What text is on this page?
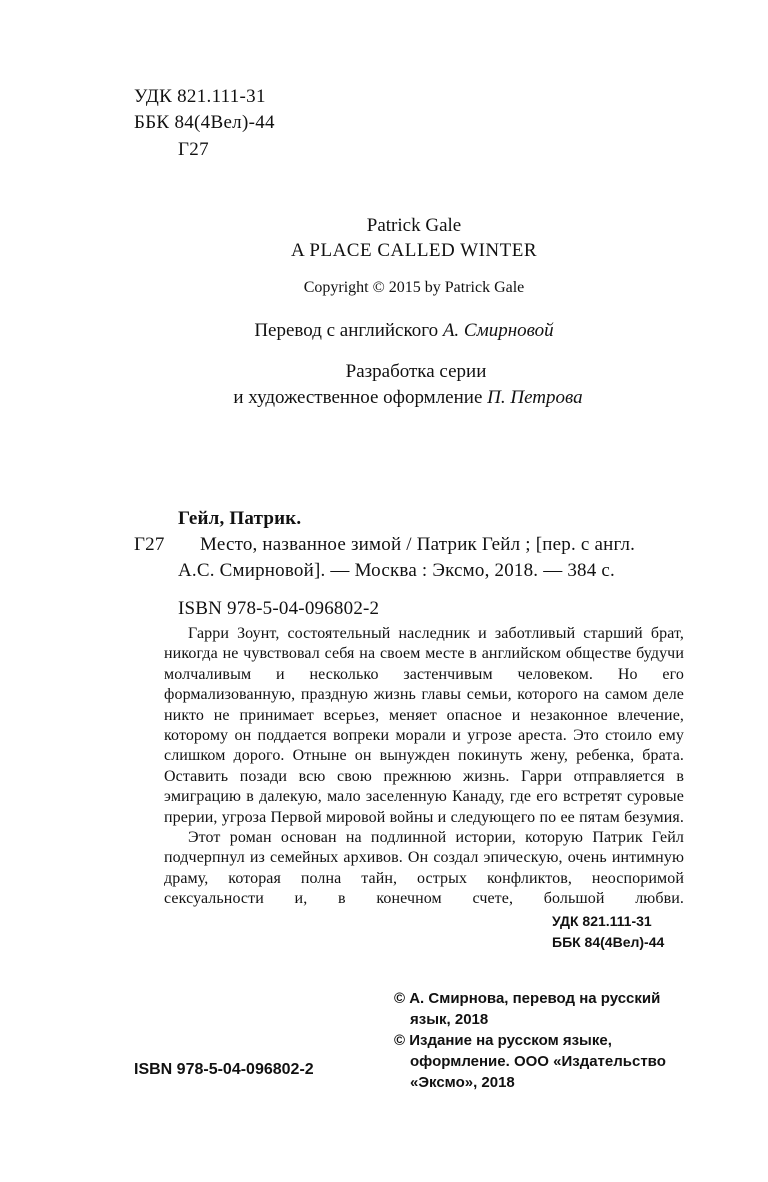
УДК 821.111-31
ББК 84(4Вел)-44
Г27
Patrick Gale
A PLACE CALLED WINTER
Copyright © 2015 by Patrick Gale
Перевод с английского А. Смирновой
Разработка серии
и художественное оформление П. Петрова
Гейл, Патрик.
Г27 Место, названное зимой / Патрик Гейл ; [пер. с англ.
А.С. Смирновой]. — Москва : Эксмо, 2018. — 384 с.
ISBN 978-5-04-096802-2

Гарри Зоунт, состоятельный наследник и заботливый старший брат, никогда не чувствовал себя на своем месте в английском обществе будучи молчаливым и несколько застенчивым человеком. Но его формализованную, праздную жизнь главы семьи, которого на самом деле никто не принимает всерьез, меняет опасное и незаконное влечение, которому он поддается вопреки морали и угрозе ареста. Это стоило ему слишком дорого. Отныне он вынужден покинуть жену, ребенка, брата. Оставить позади всю свою прежнюю жизнь. Гарри отправляется в эмиграцию в далекую, мало заселенную Канаду, где его встретят суровые прерии, угроза Первой мировой войны и следующего по ее пятам безумия.

Этот роман основан на подлинной истории, которую Патрик Гейл подчерпнул из семейных архивов. Он создал эпическую, очень интимную драму, которая полна тайн, острых конфликтов, неоспоримой сексуальности и, в конечном счете, большой любви.

УДК 821.111-31
ББК 84(4Вел)-44
© А. Смирнова, перевод на русский
язык, 2018
© Издание на русском языке,
оформление. ООО «Издательство
«Эксмо», 2018
ISBN 978-5-04-096802-2
